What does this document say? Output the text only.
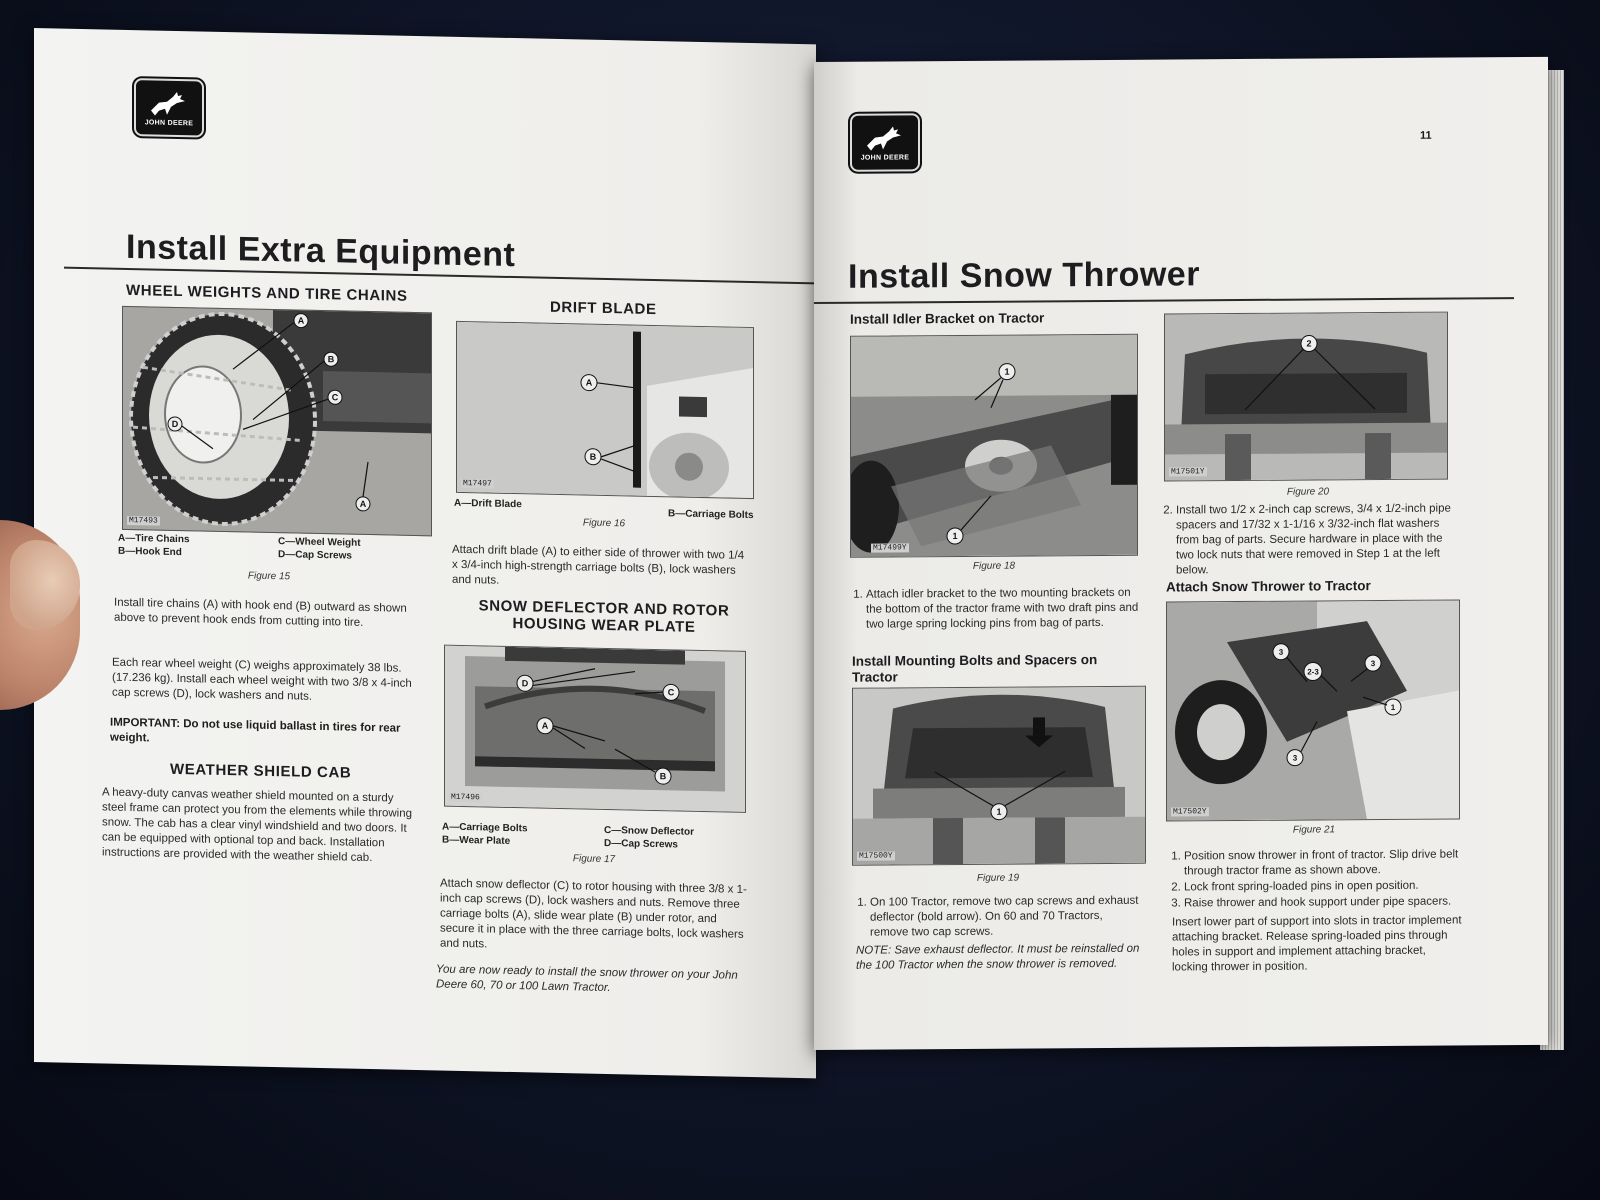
JOHN DEERE
Install Extra Equipment
WHEEL WEIGHTS AND TIRE CHAINS
A
B
C
D
A
M17493
A—Tire Chains
B—Hook End
C—Wheel Weight
D—Cap Screws
Figure 15
Install tire chains (A) with hook end (B) outward as shown above to prevent hook ends from cutting into tire.
Each rear wheel weight (C) weighs approximately 38 lbs. (17.236 kg). Install each wheel weight with two 3/8 x 4-inch cap screws (D), lock washers and nuts.
IMPORTANT: Do not use liquid ballast in tires for rear weight.
WEATHER SHIELD CAB
A heavy-duty canvas weather shield mounted on a sturdy steel frame can protect you from the elements while throwing snow. The cab has a clear vinyl windshield and two doors. It can be equipped with optional top and back. Installation instructions are provided with the weather shield cab.
DRIFT BLADE
A
B
M17497
A—Drift Blade
B—Carriage Bolts
Figure 16
Attach drift blade (A) to either side of thrower with two 1/4 x 3/4-inch high-strength carriage bolts (B), lock washers and nuts.
SNOW DEFLECTOR AND ROTOR HOUSING WEAR PLATE
D
C
A
B
M17496
A—Carriage Bolts
B—Wear Plate
C—Snow Deflector
D—Cap Screws
Figure 17
Attach snow deflector (C) to rotor housing with three 3/8 x 1-inch cap screws (D), lock washers and nuts. Remove three carriage bolts (A), slide wear plate (B) under rotor, and secure it in place with the three carriage bolts, lock washers and nuts.
You are now ready to install the snow thrower on your John Deere 60, 70 or 100 Lawn Tractor.
JOHN DEERE
11
Install Snow Thrower
Install Idler Bracket on Tractor
1
1
M17499Y
Figure 18
1. Attach idler bracket to the two mounting brackets on the bottom of the tractor frame with two draft pins and two large spring locking pins from bag of parts.
Install Mounting Bolts and Spacers on Tractor
1
M17500Y
Figure 19
1. On 100 Tractor, remove two cap screws and exhaust deflector (bold arrow). On 60 and 70 Tractors, remove two cap screws.
NOTE: Save exhaust deflector. It must be reinstalled on the 100 Tractor when the snow thrower is removed.
2
M17501Y
Figure 20
2. Install two 1/2 x 2-inch cap screws, 3/4 x 1/2-inch pipe spacers and 17/32 x 1-1/16 x 3/32-inch flat washers from bag of parts. Secure hardware in place with the two lock nuts that were removed in Step 1 at the left below.
Attach Snow Thrower to Tractor
3
2-3
3
1
3
M17502Y
Figure 21
1. Position snow thrower in front of tractor. Slip drive belt through tractor frame as shown above.
2. Lock front spring-loaded pins in open position.
3. Raise thrower and hook support under pipe spacers.
Insert lower part of support into slots in tractor implement attaching bracket. Release spring-loaded pins through holes in support and implement attaching bracket, locking thrower in position.
